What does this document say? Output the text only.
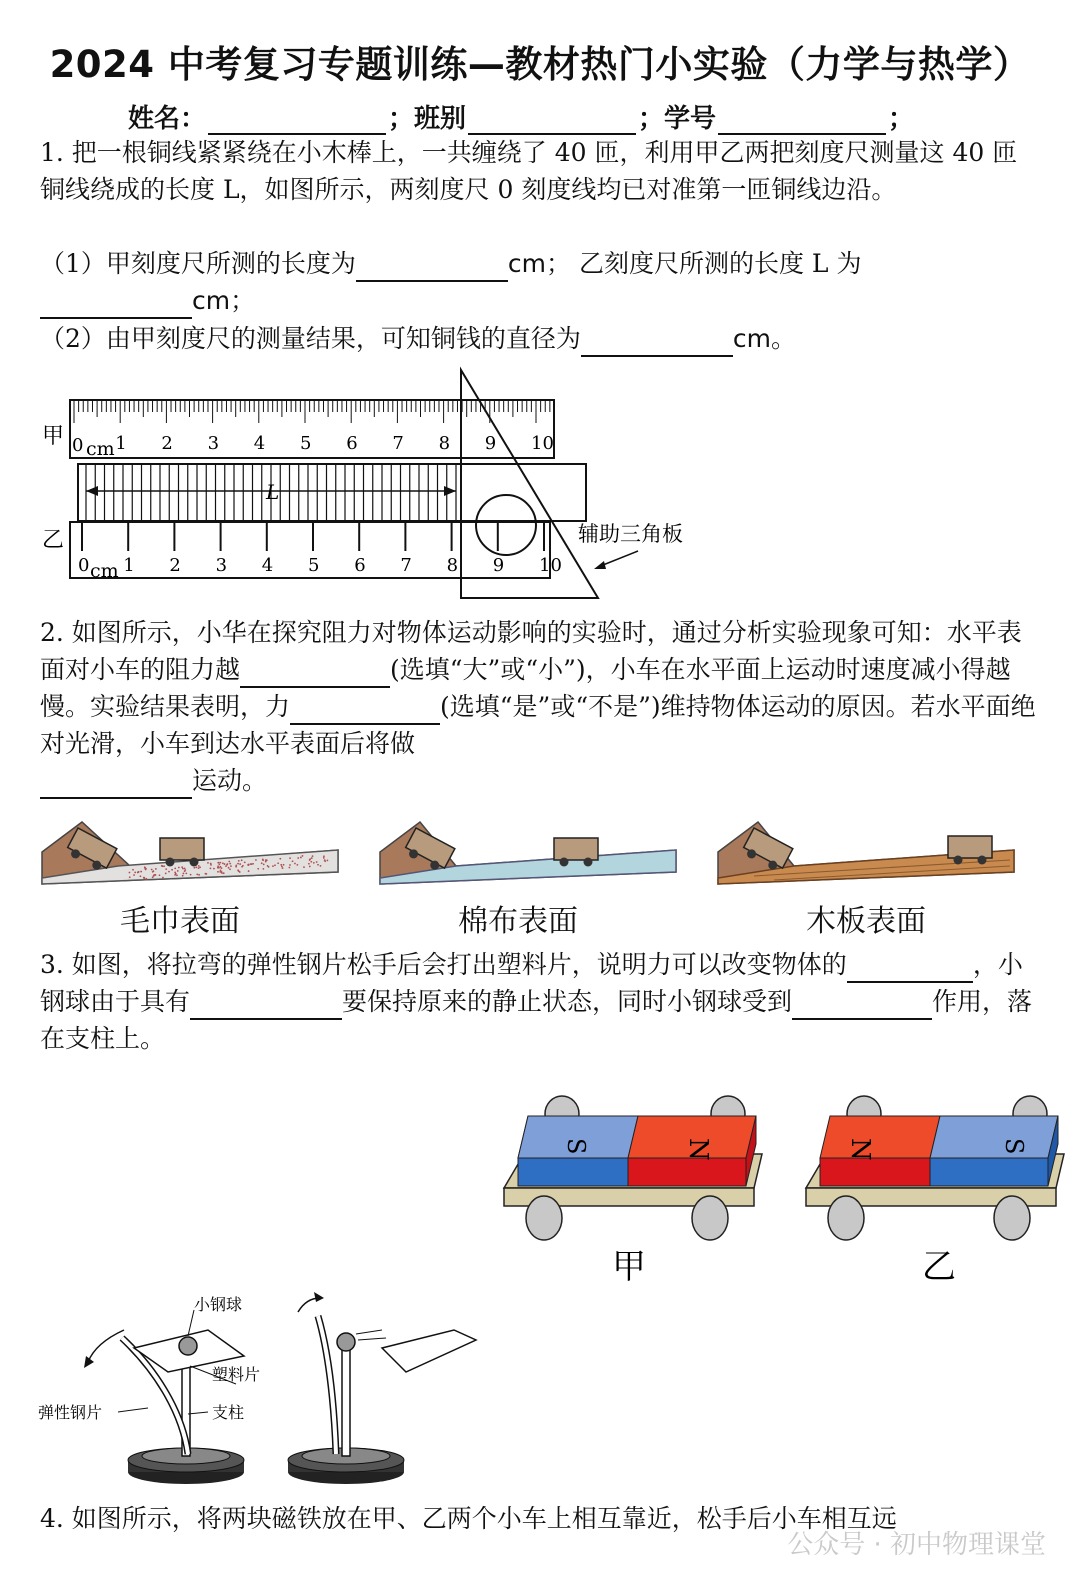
2024 中考复习专题训练—教材热门小实验（力学与热学）
姓名：	；班别	；学号	；
1. 把一根铜线紧紧绕在小木棒上，一共缠绕了 40 匝，利用甲乙两把刻度尺测量这 40 匝铜线绕成的长度 L，如图所示，两刻度尺 0 刻度线均已对准第一匝铜线边沿。
（1）甲刻度尺所测的长度为	cm； 乙刻度尺所测的长度 L 为
cm；
（2）由甲刻度尺的测量结果，可知铜钱的直径为	cm。
甲
乙
0 1 2 3 4 5 6 7 8 9 10
cm
L
0 1 2 3 4 5 6 7 8 9 10
cm
辅助三角板
2. 如图所示，小华在探究阻力对物体运动影响的实验时，通过分析实验现象可知：水平表面对小车的阻力越	(选填“大”或“小”)，小车在水平面上运动时速度减小得越慢。实验结果表明，力	(选填“是”或“不是”)维持物体运动的原因。若水平面绝对光滑，小车到达水平表面后将做
运动。
毛巾表面	棉布表面	木板表面
3. 如图，将拉弯的弹性钢片松手后会打出塑料片，说明力可以改变物体的	，小钢球由于具有	要保持原来的静止状态，同时小钢球受到	作用，落在支柱上。
S	N
甲
N	S
乙
小钢球
塑料片
弹性钢片	支柱
4. 如图所示，将两块磁铁放在甲、乙两个小车上相互靠近，松手后小车相互远
公众号 · 初中物理课堂
